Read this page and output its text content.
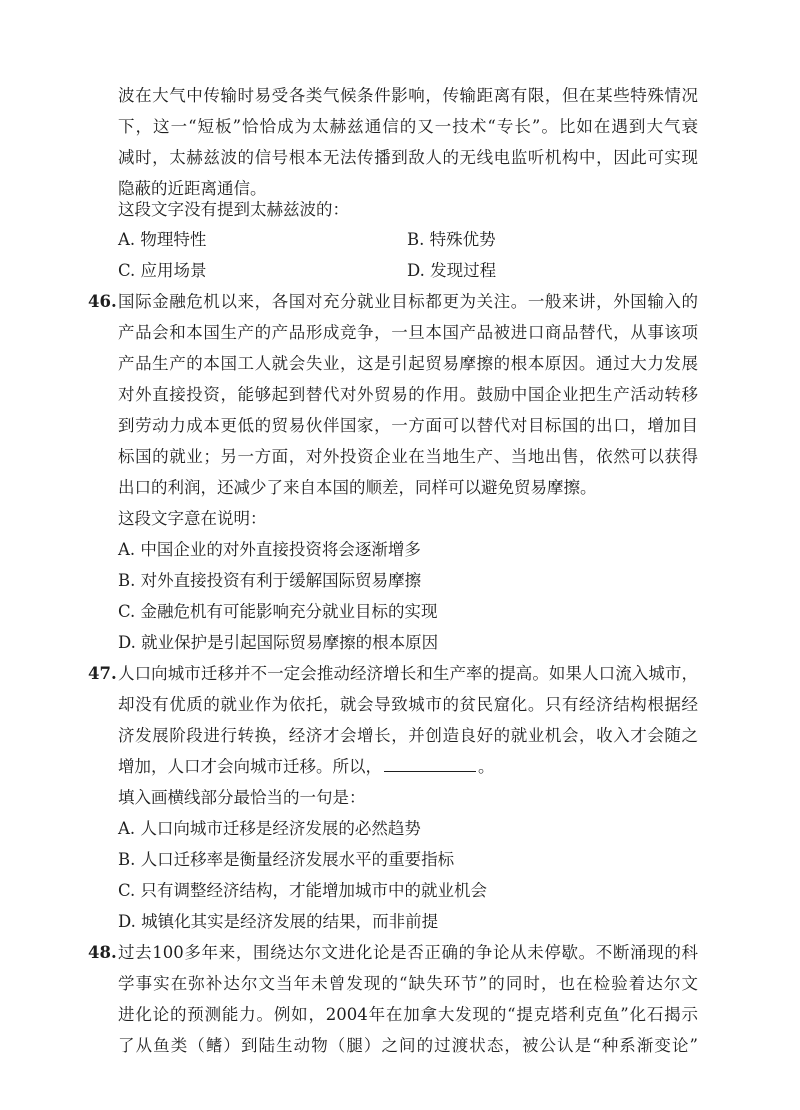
波在大气中传输时易受各类气候条件影响，传输距离有限，但在某些特殊情况
下，这一“短板”恰恰成为太赫兹通信的又一技术“专长”。比如在遇到大气衰
减时，太赫兹波的信号根本无法传播到敌人的无线电监听机构中，因此可实现
隐蔽的近距离通信。
这段文字没有提到太赫兹波的：
A. 物理特性	B. 特殊优势
C. 应用场景	D. 发现过程
46. 国际金融危机以来，各国对充分就业目标都更为关注。一般来讲，外国输入的
产品会和本国生产的产品形成竞争，一旦本国产品被进口商品替代，从事该项
产品生产的本国工人就会失业，这是引起贸易摩擦的根本原因。通过大力发展
对外直接投资，能够起到替代对外贸易的作用。鼓励中国企业把生产活动转移
到劳动力成本更低的贸易伙伴国家，一方面可以替代对目标国的出口，增加目
标国的就业；另一方面，对外投资企业在当地生产、当地出售，依然可以获得
出口的利润，还减少了来自本国的顺差，同样可以避免贸易摩擦。
这段文字意在说明：
A. 中国企业的对外直接投资将会逐渐增多
B. 对外直接投资有利于缓解国际贸易摩擦
C. 金融危机有可能影响充分就业目标的实现
D. 就业保护是引起国际贸易摩擦的根本原因
47. 人口向城市迁移并不一定会推动经济增长和生产率的提高。如果人口流入城市，
却没有优质的就业作为依托，就会导致城市的贫民窟化。只有经济结构根据经
济发展阶段进行转换，经济才会增长，并创造良好的就业机会，收入才会随之
增加，人口才会向城市迁移。所以，	。
填入画横线部分最恰当的一句是：
A. 人口向城市迁移是经济发展的必然趋势
B. 人口迁移率是衡量经济发展水平的重要指标
C. 只有调整经济结构，才能增加城市中的就业机会
D. 城镇化其实是经济发展的结果，而非前提
48. 过去100多年来，围绕达尔文进化论是否正确的争论从未停歇。不断涌现的科
学事实在弥补达尔文当年未曾发现的“缺失环节”的同时，也在检验着达尔文
进化论的预测能力。例如，2004年在加拿大发现的“提克塔利克鱼”化石揭示
了从鱼类（鳍）到陆生动物（腿）之间的过渡状态，被公认是“种系渐变论”
